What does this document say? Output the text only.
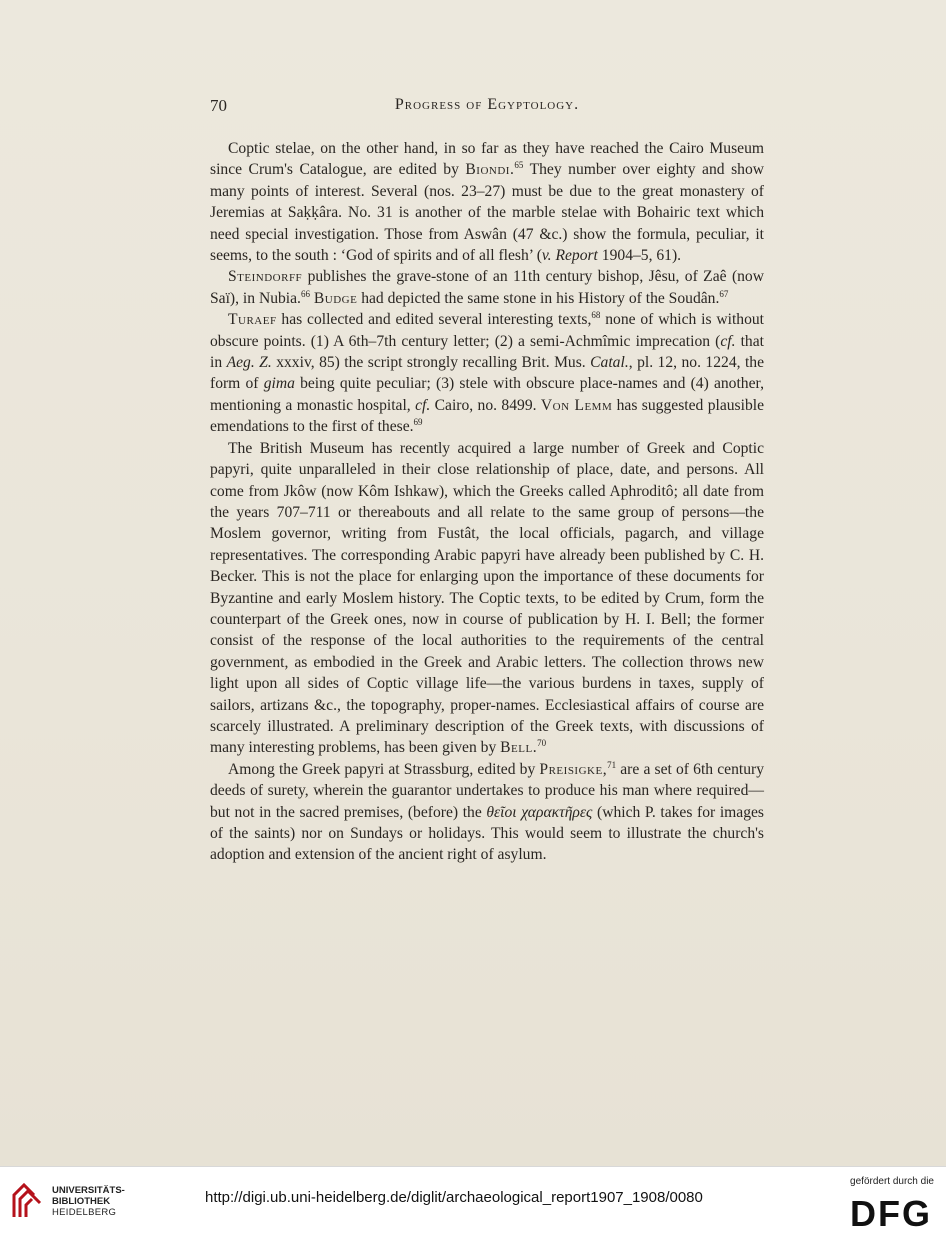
70	Progress of Egyptology.

Coptic stelae, on the other hand, in so far as they have reached the Cairo Museum since Crum's Catalogue, are edited by Biondi.$^{65}$ They number over eighty and show many points of interest. Several (nos. 23–27) must be due to the great monastery of Jeremias at Saḳḳâra. No. 31 is another of the marble stelae with Bohairic text which need special investigation. Those from Aswân (47 &c.) show the formula, peculiar, it seems, to the south : ‘God of spirits and of all flesh’ (v. Report 1904–5, 61).

Steindorff publishes the grave-stone of an 11th century bishop, Jêsu, of Zaê (now Saï), in Nubia.$^{66}$ Budge had depicted the same stone in his History of the Soudân.$^{67}$

Turaef has collected and edited several interesting texts,$^{68}$ none of which is without obscure points. (1) A 6th–7th century letter; (2) a semi-Achmîmic imprecation (cf. that in Aeg. Z. xxxiv, 85) the script strongly recalling Brit. Mus. Catal., pl. 12, no. 1224, the form of gima being quite peculiar; (3) stele with obscure place-names and (4) another, mentioning a monastic hospital, cf. Cairo, no. 8499. Von Lemm has suggested plausible emendations to the first of these.$^{69}$

The British Museum has recently acquired a large number of Greek and Coptic papyri, quite unparalleled in their close relationship of place, date, and persons. All come from Jkôw (now Kôm Ishkaw), which the Greeks called Aphroditô; all date from the years 707–711 or thereabouts and all relate to the same group of persons—the Moslem governor, writing from Fustât, the local officials, pagarch, and village representatives. The corresponding Arabic papyri have already been published by C. H. Becker. This is not the place for enlarging upon the importance of these documents for Byzantine and early Moslem history. The Coptic texts, to be edited by Crum, form the counterpart of the Greek ones, now in course of publication by H. I. Bell; the former consist of the response of the local authorities to the requirements of the central government, as embodied in the Greek and Arabic letters. The collection throws new light upon all sides of Coptic village life—the various burdens in taxes, supply of sailors, artizans &c., the topography, proper-names. Ecclesiastical affairs of course are scarcely illustrated. A preliminary description of the Greek texts, with discussions of many interesting problems, has been given by Bell.$^{70}$

Among the Greek papyri at Strassburg, edited by Preisigke,$^{71}$ are a set of 6th century deeds of surety, wherein the guarantor undertakes to produce his man where required—but not in the sacred premises, (before) the θεῖοι χαρακτῆρες (which P. takes for images of the saints) nor on Sundays or holidays. This would seem to illustrate the church's adoption and extension of the ancient right of asylum.

UNIVERSITÄTS-
BIBLIOTHEK
HEIDELBERG
http://digi.ub.uni-heidelberg.de/diglit/archaeological_report1907_1908/0080
gefördert durch die
DFG
